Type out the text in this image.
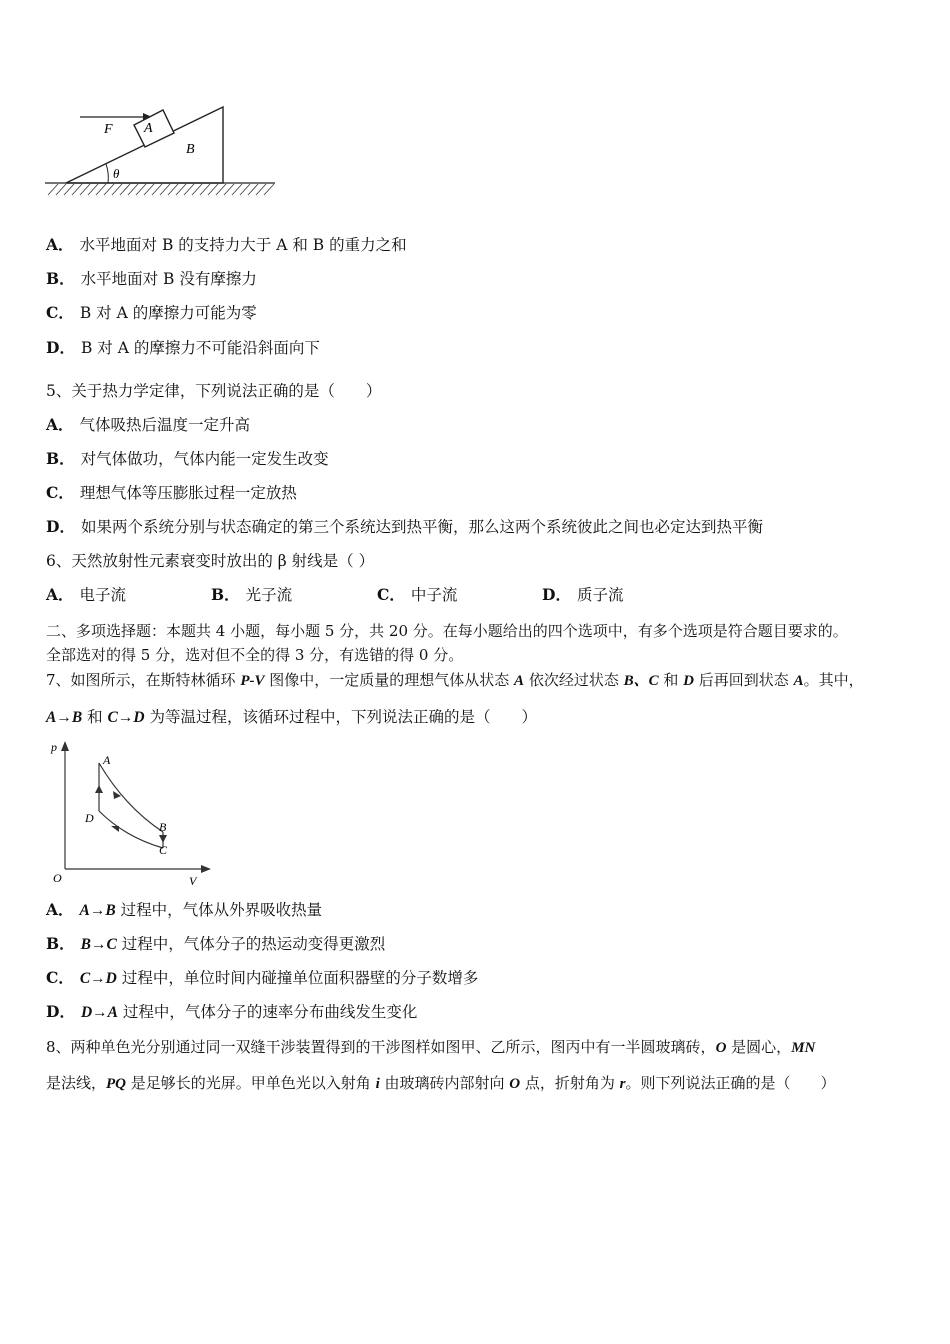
F A
B
θ
A． 水平地面对 B 的支持力大于 A 和 B 的重力之和
B． 水平地面对 B 没有摩擦力
C． B 对 A 的摩擦力可能为零
D． B 对 A 的摩擦力不可能沿斜面向下
5、关于热力学定律，下列说法正确的是（　　）
A． 气体吸热后温度一定升高
B． 对气体做功，气体内能一定发生改变
C． 理想气体等压膨胀过程一定放热
D． 如果两个系统分别与状态确定的第三个系统达到热平衡，那么这两个系统彼此之间也必定达到热平衡
6、天然放射性元素衰变时放出的 β 射线是（ ）
A． 电子流	B． 光子流	C． 中子流	D． 质子流
二、多项选择题：本题共 4 小题，每小题 5 分，共 20 分。在每小题给出的四个选项中，有多个选项是符合题目要求的。
全部选对的得 5 分，选对但不全的得 3 分，有选错的得 0 分。
7、如图所示，在斯特林循环 P-V 图像中，一定质量的理想气体从状态 A 依次经过状态 B、C 和 D 后再回到状态 A。其中，
A→B 和 C→D 为等温过程，该循环过程中，下列说法正确的是（　　）
p
V
O
A
B
C
D
A． A→B 过程中，气体从外界吸收热量
B． B→C 过程中，气体分子的热运动变得更激烈
C． C→D 过程中，单位时间内碰撞单位面积器壁的分子数增多
D． D→A 过程中，气体分子的速率分布曲线发生变化
8、两种单色光分别通过同一双缝干涉装置得到的干涉图样如图甲、乙所示，图丙中有一半圆玻璃砖，O 是圆心，MN
是法线，PQ 是足够长的光屏。甲单色光以入射角 i 由玻璃砖内部射向 O 点，折射角为 r。则下列说法正确的是（　　）
